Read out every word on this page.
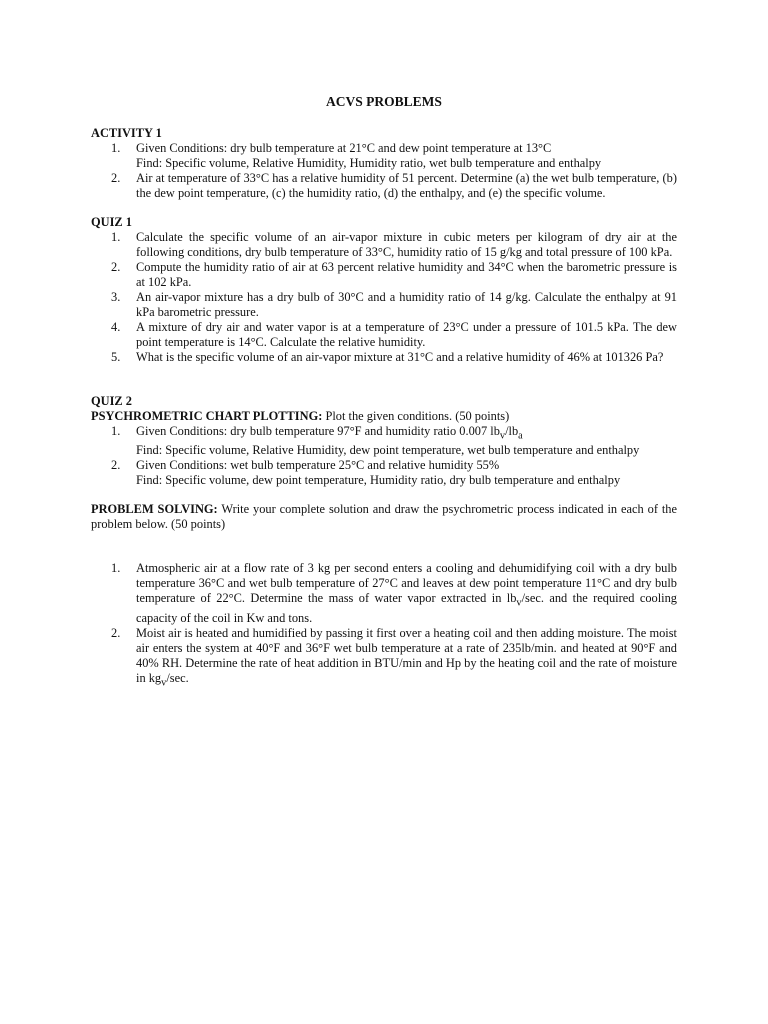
ACVS PROBLEMS

ACTIVITY 1

1.	Given Conditions: dry bulb temperature at 21°C and dew point temperature at 13°C

Find: Specific volume, Relative Humidity, Humidity ratio, wet bulb temperature and enthalpy

2.	Air at temperature of 33°C has a relative humidity of 51 percent. Determine (a) the wet bulb temperature, (b) the dew point temperature, (c) the humidity ratio, (d) the enthalpy, and (e) the specific volume.

QUIZ 1

1.	Calculate the specific volume of an air-vapor mixture in cubic meters per kilogram of dry air at the following conditions, dry bulb temperature of 33°C, humidity ratio of 15 g/kg and total pressure of 100 kPa.

2.	Compute the humidity ratio of air at 63 percent relative humidity and 34°C when the barometric pressure is at 102 kPa.

3.	An air-vapor mixture has a dry bulb of 30°C and a humidity ratio of 14 g/kg. Calculate the enthalpy at 91 kPa barometric pressure.

4.	A mixture of dry air and water vapor is at a temperature of 23°C under a pressure of 101.5 kPa. The dew point temperature is 14°C. Calculate the relative humidity.

5.	What is the specific volume of an air-vapor mixture at 31°C and a relative humidity of 46% at 101326 Pa?

QUIZ 2

PSYCHROMETRIC CHART PLOTTING: Plot the given conditions. (50 points)

1.	Given Conditions: dry bulb temperature 97°F and humidity ratio 0.007 $lb_v/lb_a$

Find: Specific volume, Relative Humidity, dew point temperature, wet bulb temperature and enthalpy

2.	Given Conditions: wet bulb temperature 25°C and relative humidity 55%

Find: Specific volume, dew point temperature, Humidity ratio, dry bulb temperature and enthalpy

PROBLEM SOLVING: Write your complete solution and draw the psychrometric process indicated in each of the problem below. (50 points)

1.	Atmospheric air at a flow rate of 3 kg per second enters a cooling and dehumidifying coil with a dry bulb temperature 36°C and wet bulb temperature of 27°C and leaves at dew point temperature 11°C and dry bulb temperature of 22°C. Determine the mass of water vapor extracted in $lb_v/\sec$. and the required cooling capacity of the coil in Kw and tons.

2.	Moist air is heated and humidified by passing it first over a heating coil and then adding moisture. The moist air enters the system at 40°F and 36°F wet bulb temperature at a rate of 235lb/min. and heated at 90°F and 40% RH. Determine the rate of heat addition in BTU/min and Hp by the heating coil and the rate of moisture in $kg_v/\sec$.
